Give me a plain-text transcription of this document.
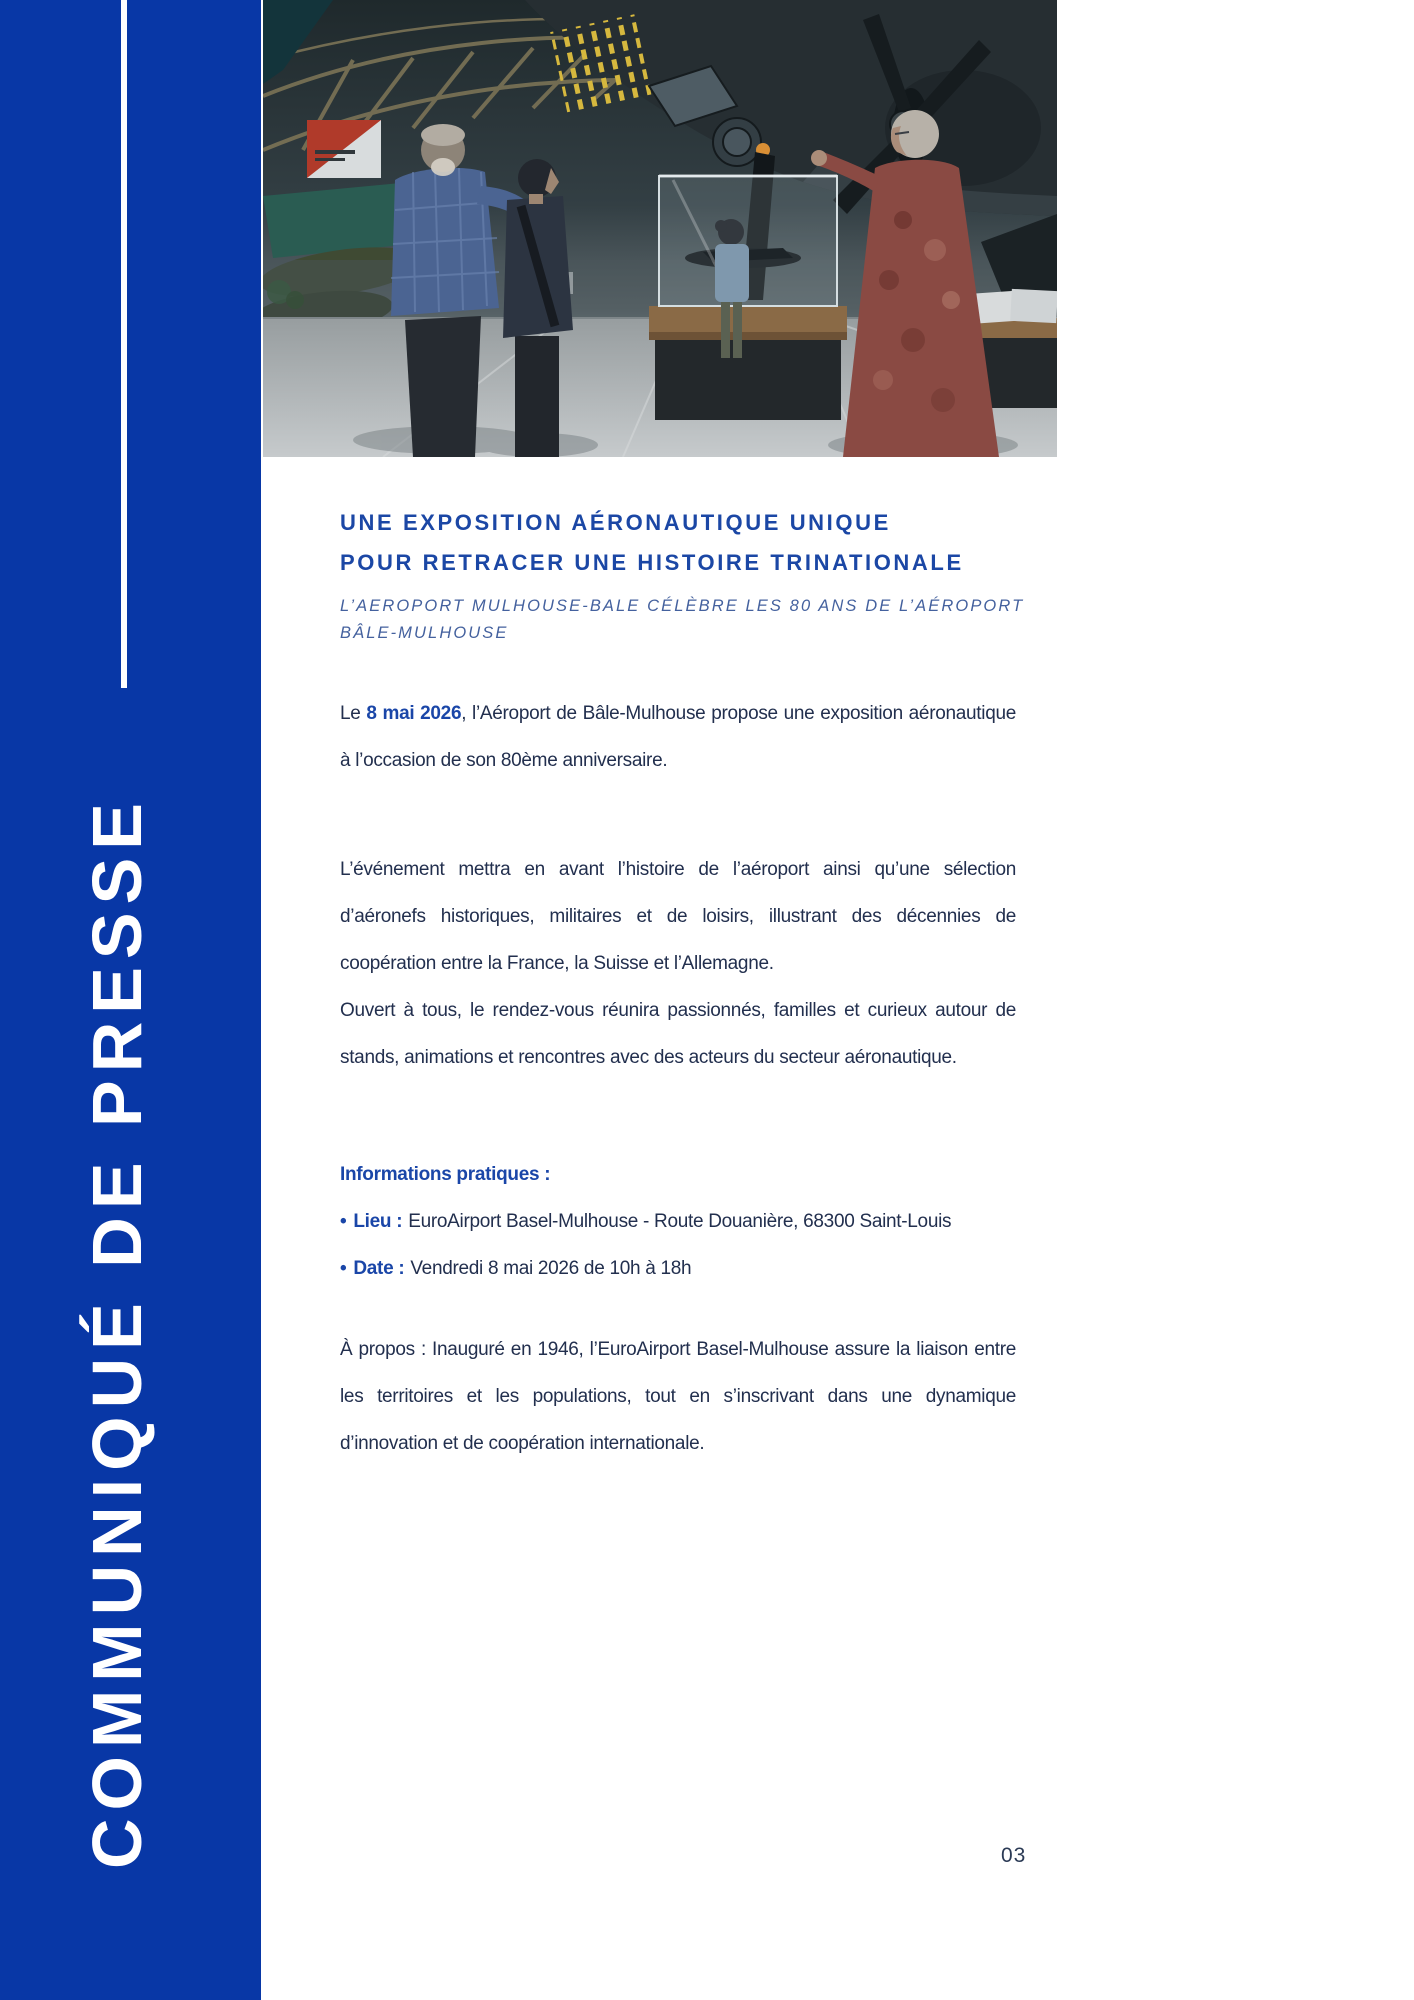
COMMUNIQUÉ DE PRESSE
UNE EXPOSITION AÉRONAUTIQUE UNIQUE
POUR RETRACER UNE HISTOIRE TRINATIONALE
L’AEROPORT MULHOUSE-BALE CÉLÈBRE LES 80 ANS DE L’AÉROPORT BÂLE-MULHOUSE

Le 8 mai 2026, l’Aéroport de Bâle-Mulhouse propose une exposition aéronautique à l’occasion de son 80ème anniversaire.

L’événement mettra en avant l’histoire de l’aéroport ainsi qu’une sélection d’aéronefs historiques, militaires et de loisirs, illustrant des décennies de coopération entre la France, la Suisse et l’Allemagne.

Ouvert à tous, le rendez-vous réunira passionnés, familles et curieux autour de stands, animations et rencontres avec des acteurs du secteur aéronautique.

Informations pratiques :
• Lieu : EuroAirport Basel-Mulhouse - Route Douanière, 68300 Saint-Louis
• Date : Vendredi 8 mai 2026 de 10h à 18h

À propos : Inauguré en 1946, l’EuroAirport Basel-Mulhouse assure la liaison entre les territoires et les populations, tout en s’inscrivant dans une dynamique d’innovation et de coopération internationale.

03
